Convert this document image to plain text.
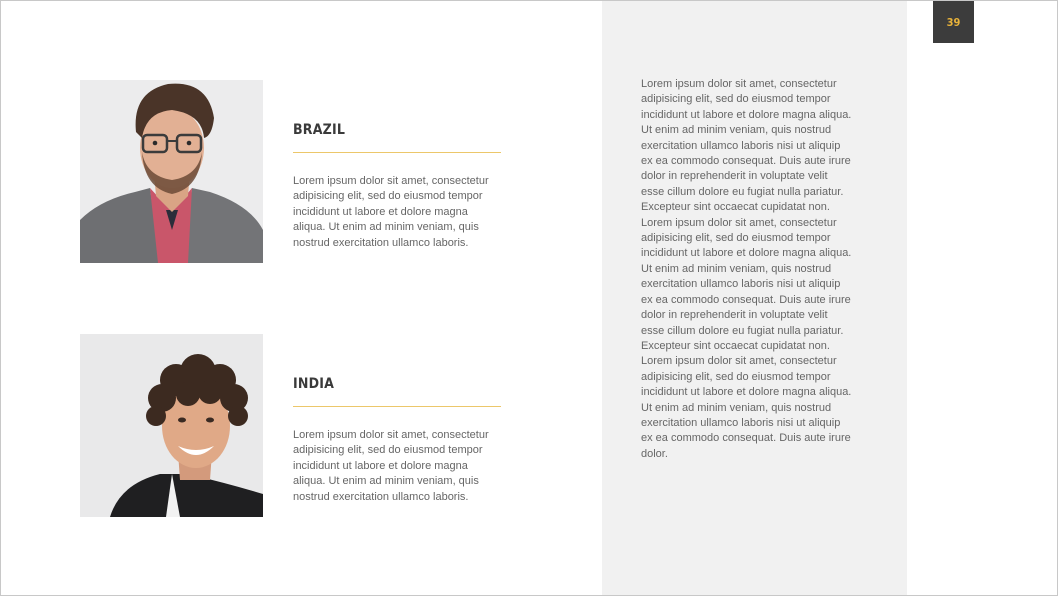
39
BRAZIL

Lorem ipsum dolor sit amet, consectetur adipisicing elit, sed do eiusmod tempor incididunt ut labore et dolore magna aliqua. Ut enim ad minim veniam, quis nostrud exercitation ullamco laboris.

INDIA

Lorem ipsum dolor sit amet, consectetur adipisicing elit, sed do eiusmod tempor incididunt ut labore et dolore magna aliqua. Ut enim ad minim veniam, quis nostrud exercitation ullamco laboris.

Lorem ipsum dolor sit amet, consectetur adipisicing elit, sed do eiusmod tempor incididunt ut labore et dolore magna aliqua. Ut enim ad minim veniam, quis nostrud exercitation ullamco laboris nisi ut aliquip ex ea commodo consequat. Duis aute irure dolor in reprehenderit in voluptate velit esse cillum dolore eu fugiat nulla pariatur. Excepteur sint occaecat cupidatat non. Lorem ipsum dolor sit amet, consectetur adipisicing elit, sed do eiusmod tempor incididunt ut labore et dolore magna aliqua. Ut enim ad minim veniam, quis nostrud exercitation ullamco laboris nisi ut aliquip ex ea commodo consequat. Duis aute irure dolor in reprehenderit in voluptate velit esse cillum dolore eu fugiat nulla pariatur. Excepteur sint occaecat cupidatat non. Lorem ipsum dolor sit amet, consectetur adipisicing elit, sed do eiusmod tempor incididunt ut labore et dolore magna aliqua. Ut enim ad minim veniam, quis nostrud exercitation ullamco laboris nisi ut aliquip ex ea commodo consequat. Duis aute irure dolor.
